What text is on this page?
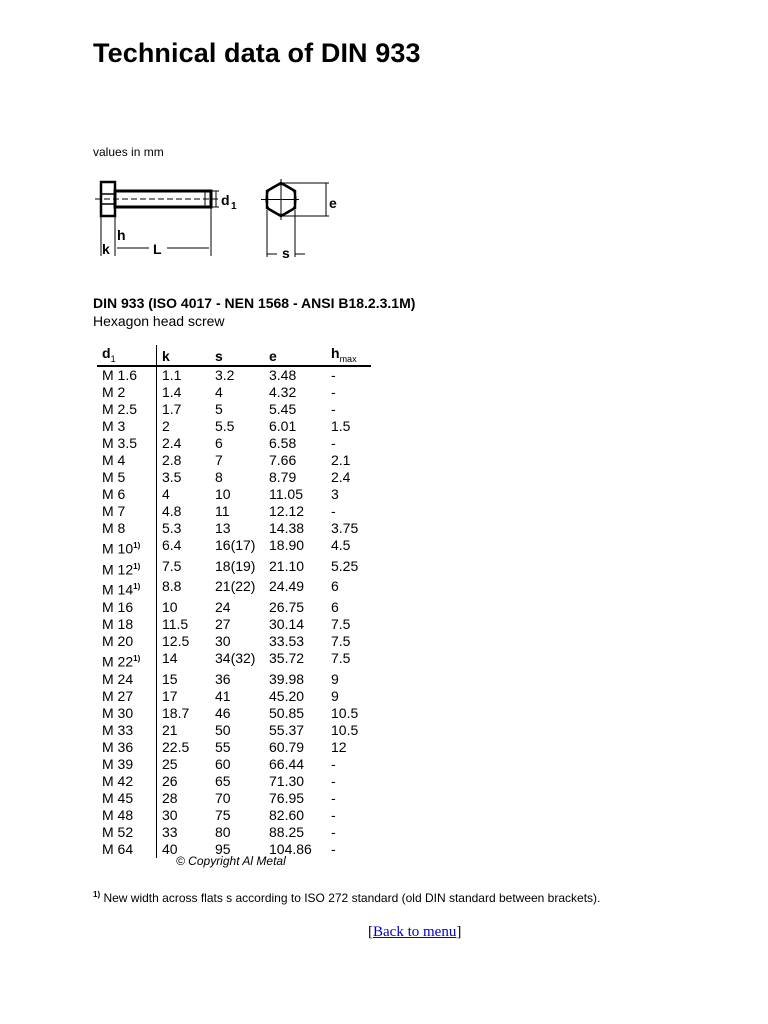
Technical data of DIN 933
values in mm
d 1
k
h
L
e
s
DIN 933 (ISO 4017 - NEN 1568 - ANSI B18.2.3.1M)
Hexagon head screw
$d_1$	k	s	e	$h_{max}$
M 1.6	1.1	3.2	3.48	-
M 2	1.4	4	4.32	-
M 2.5	1.7	5	5.45	-
M 3	2	5.5	6.01	1.5
M 3.5	2.4	6	6.58	-
M 4	2.8	7	7.66	2.1
M 5	3.5	8	8.79	2.4
M 6	4	10	11.05	3
M 7	4.8	11	12.12	-
M 8	5.3	13	14.38	3.75
M 10$^{1)}$	6.4	16(17)	18.90	4.5
M 12$^{1)}$	7.5	18(19)	21.10	5.25
M 14$^{1)}$	8.8	21(22)	24.49	6
M 16	10	24	26.75	6
M 18	11.5	27	30.14	7.5
M 20	12.5	30	33.53	7.5
M 22$^{1)}$	14	34(32)	35.72	7.5
M 24	15	36	39.98	9
M 27	17	41	45.20	9
M 30	18.7	46	50.85	10.5
M 33	21	50	55.37	10.5
M 36	22.5	55	60.79	12
M 39	25	60	66.44	-
M 42	26	65	71.30	-
M 45	28	70	76.95	-
M 48	30	75	82.60	-
M 52	33	80	88.25	-
M 64	40	95	104.86	-
© Copyright Al Metal
$^{1)}$ New width across flats s according to ISO 272 standard (old DIN standard between brackets).
[Back to menu]
